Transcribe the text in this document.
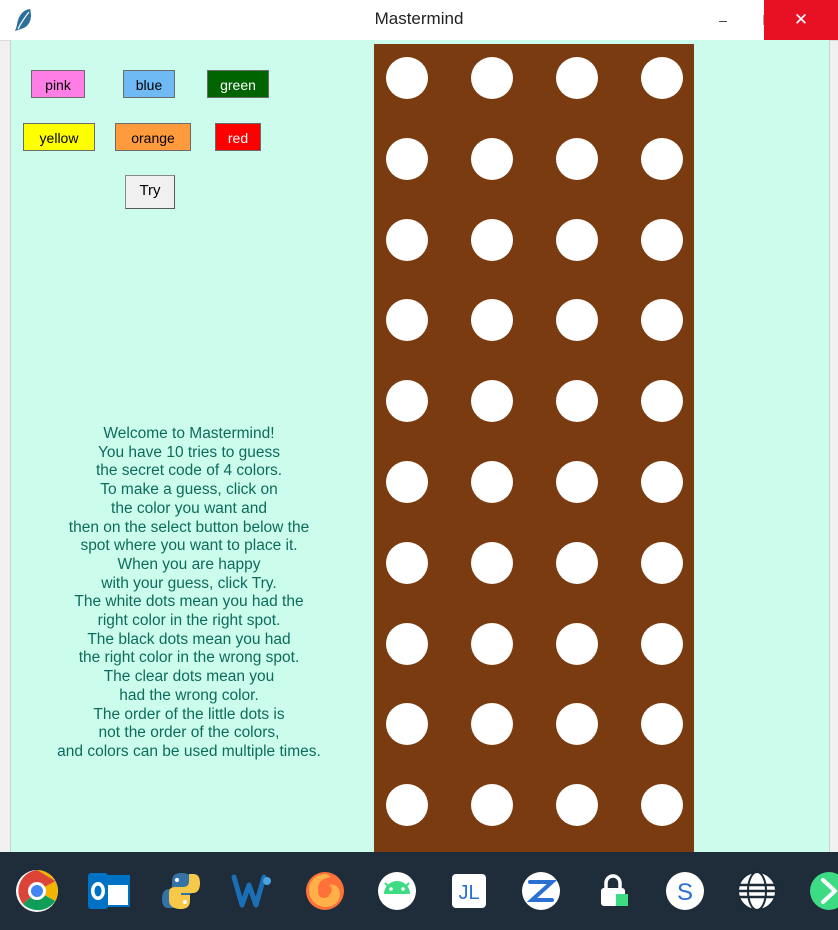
Mastermind	–	✕
pink	blue	green
yellow	orange	red
Try
Welcome to Mastermind!
You have 10 tries to guess
the secret code of 4 colors.
To make a guess, click on
the color you want and
then on the select button below the
spot where you want to place it.
When you are happy
with your guess, click Try.
The white dots mean you had the
right color in the right spot.
The black dots mean you had
the right color in the wrong spot.
The clear dots mean you
had the wrong color.
The order of the little dots is
not the order of the colors,
and colors can be used multiple times.
JL	S
